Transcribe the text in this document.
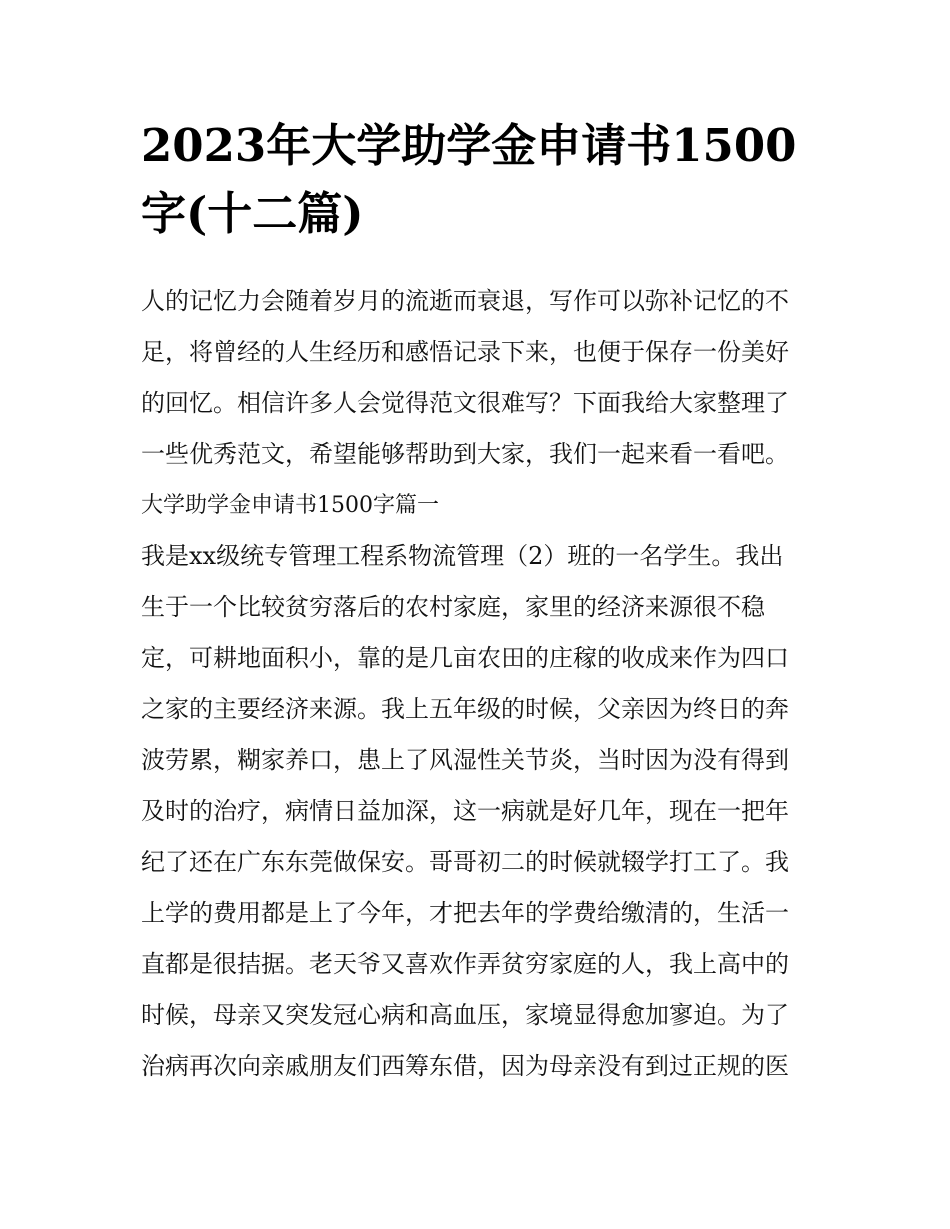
2023年大学助学金申请书1500
字(十二篇)
人的记忆力会随着岁月的流逝而衰退，写作可以弥补记忆的不
足，将曾经的人生经历和感悟记录下来，也便于保存一份美好
的回忆。相信许多人会觉得范文很难写？下面我给大家整理了
一些优秀范文，希望能够帮助到大家，我们一起来看一看吧。
大学助学金申请书1500字篇一
我是xx级统专管理工程系物流管理（2）班的一名学生。我出
生于一个比较贫穷落后的农村家庭，家里的经济来源很不稳
定，可耕地面积小，靠的是几亩农田的庄稼的收成来作为四口
之家的主要经济来源。我上五年级的时候，父亲因为终日的奔
波劳累，糊家养口，患上了风湿性关节炎，当时因为没有得到
及时的治疗，病情日益加深，这一病就是好几年，现在一把年
纪了还在广东东莞做保安。哥哥初二的时候就辍学打工了。我
上学的费用都是上了今年，才把去年的学费给缴清的，生活一
直都是很拮据。老天爷又喜欢作弄贫穷家庭的人，我上高中的
时候，母亲又突发冠心病和高血压，家境显得愈加寥迫。为了
治病再次向亲戚朋友们西筹东借，因为母亲没有到过正规的医
